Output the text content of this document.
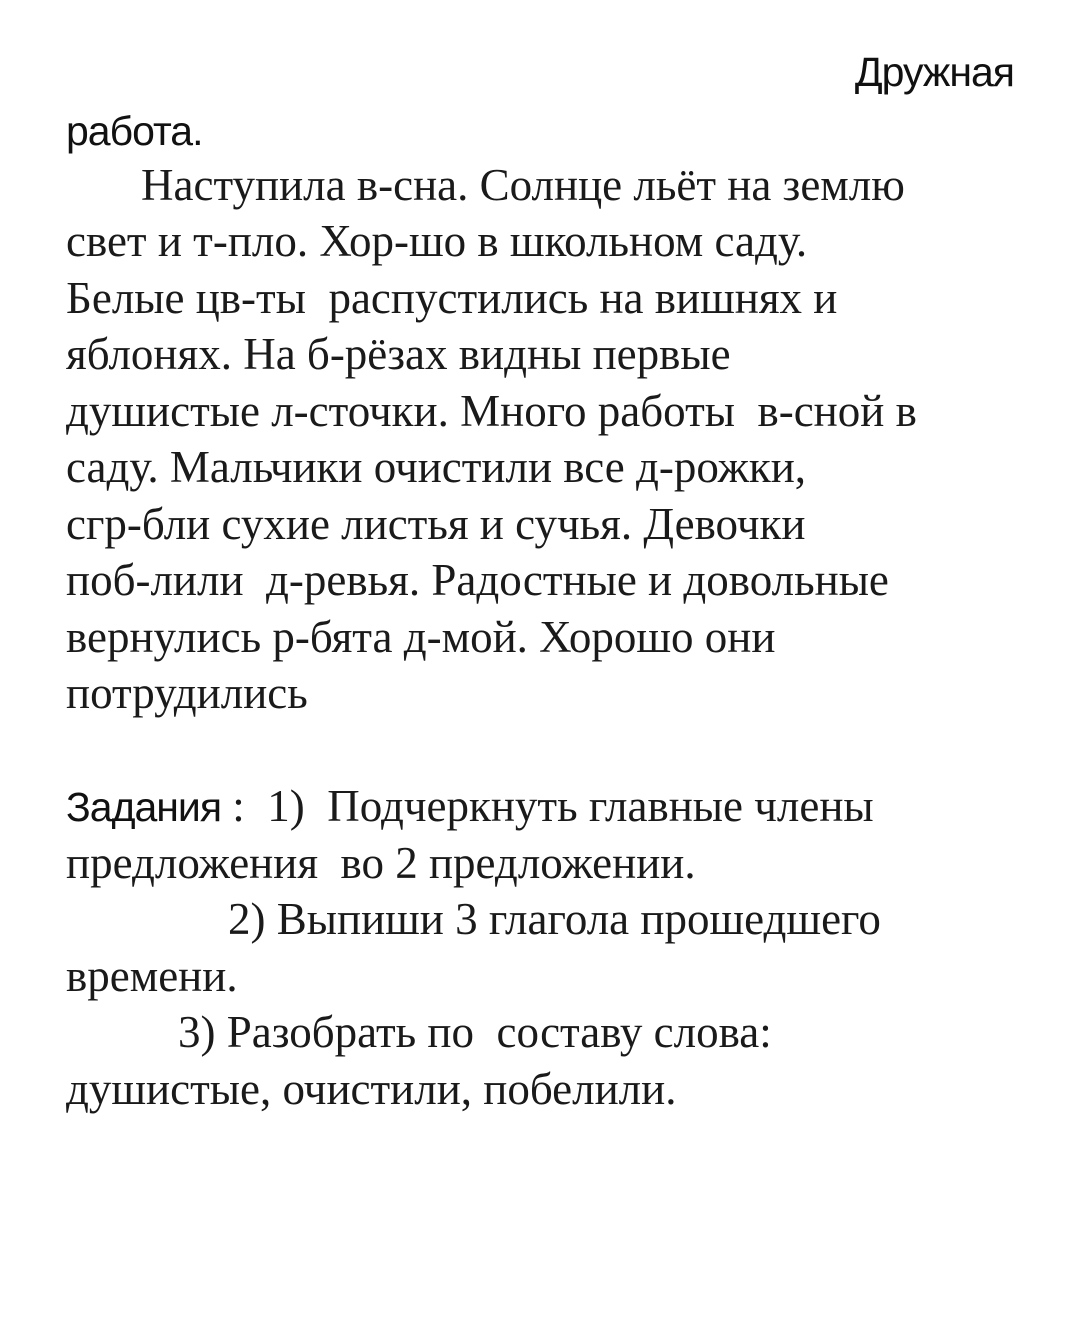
Дружная
работа.
Наступила в-сна. Солнце льёт на землю
свет и т-пло. Хор-шо в школьном саду.
Белые цв-ты  распустились на вишнях и
яблонях. На б-рёзах видны первые
душистые л-сточки. Много работы  в-сной в
саду. Мальчики очистили все д-рожки,
сгр-бли сухие листья и сучья. Девочки
поб-лили  д-ревья. Радостные и довольные
вернулись р-бята д-мой. Хорошо они
потрудились
Задания :  1)  Подчеркнуть главные члены
предложения  во 2 предложении.
2) Выпиши 3 глагола прошедшего
времени.
3) Разобрать по  составу слова:
душистые, очистили, побелили.
